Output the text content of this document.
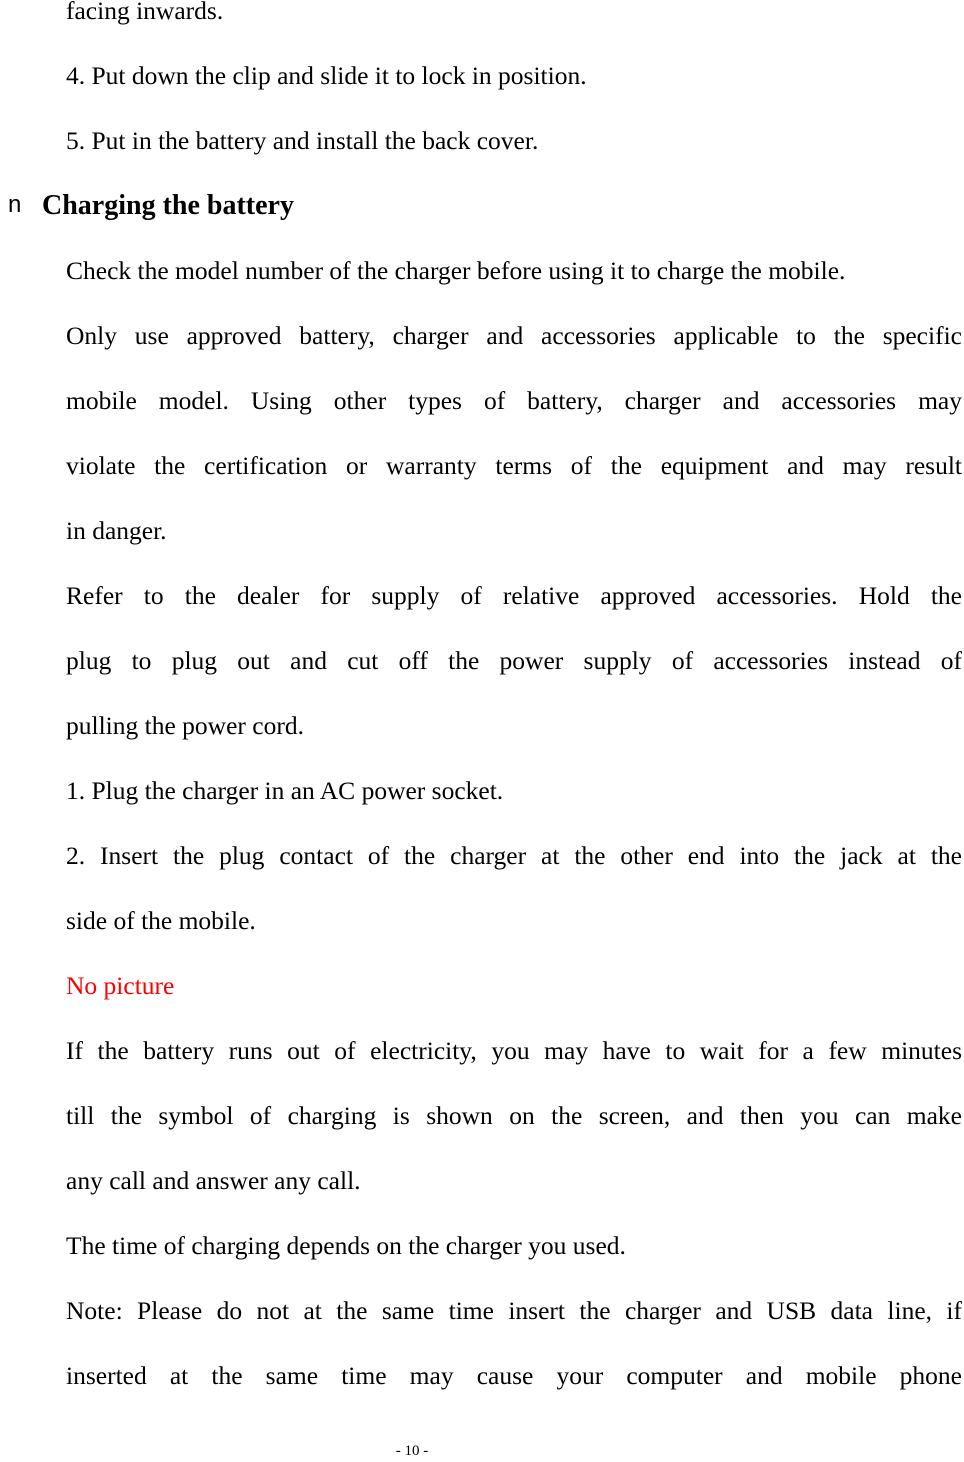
facing inwards.
4. Put down the clip and slide it to lock in position.
5. Put in the battery and install the back cover.
n Charging the battery
Check the model number of the charger before using it to charge the mobile.
Only use approved battery, charger and accessories applicable to the specific
mobile model. Using other types of battery, charger and accessories may
violate the certification or warranty terms of the equipment and may result
in danger.
Refer to the dealer for supply of relative approved accessories. Hold the
plug to plug out and cut off the power supply of accessories instead of
pulling the power cord.
1. Plug the charger in an AC power socket.
2. Insert the plug contact of the charger at the other end into the jack at the
side of the mobile.
No picture
If the battery runs out of electricity, you may have to wait for a few minutes
till the symbol of charging is shown on the screen, and then you can make
any call and answer any call.
The time of charging depends on the charger you used.
Note: Please do not at the same time insert the charger and USB data line, if
inserted at the same time may cause your computer and mobile phone
- 10 -
